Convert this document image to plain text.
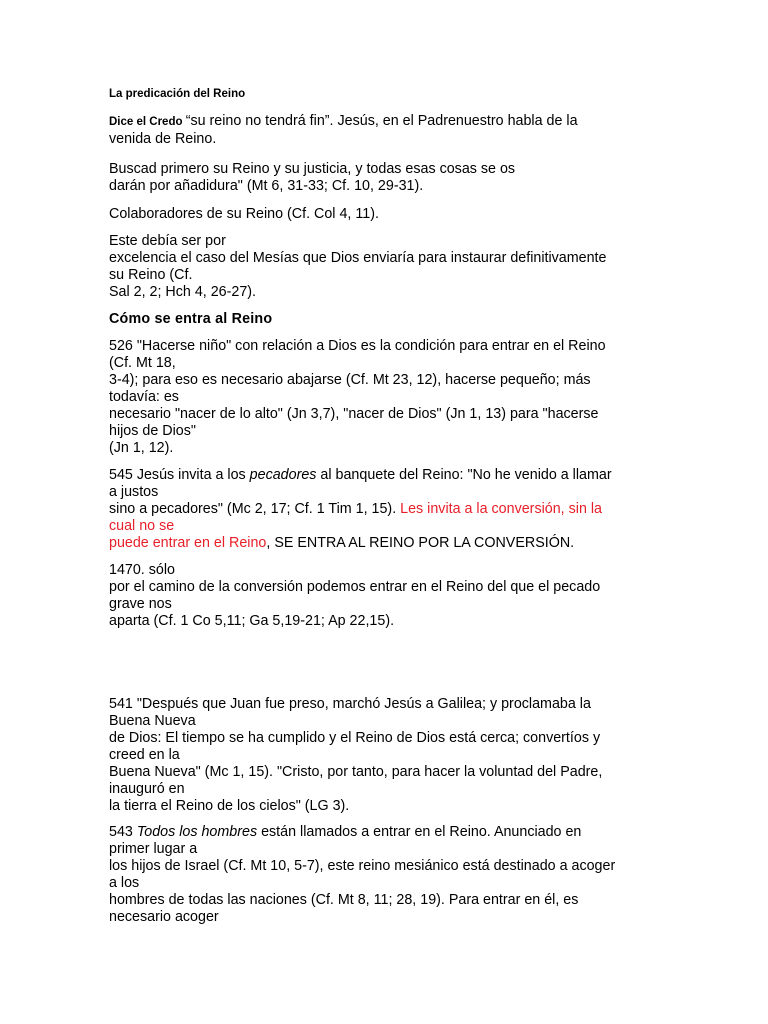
La predicación del Reino
Dice el Credo “su reino no tendrá fin”. Jesús, en el Padrenuestro habla de la
venida de Reino.
Buscad primero su Reino y su justicia, y todas esas cosas se os
darán por añadidura" (Mt 6, 31-33; Cf. 10, 29-31).
Colaboradores de su Reino (Cf. Col 4, 11).
Este debía ser por
excelencia el caso del Mesías que Dios enviaría para instaurar definitivamente
su Reino (Cf.
Sal 2, 2; Hch 4, 26-27).
Cómo se entra al Reino
526 "Hacerse niño" con relación a Dios es la condición para entrar en el Reino
(Cf. Mt 18,
3-4); para eso es necesario abajarse (Cf. Mt 23, 12), hacerse pequeño; más
todavía: es
necesario "nacer de lo alto" (Jn 3,7), "nacer de Dios" (Jn 1, 13) para "hacerse
hijos de Dios"
(Jn 1, 12).
545 Jesús invita a los pecadores al banquete del Reino: "No he venido a llamar
a justos
sino a pecadores" (Mc 2, 17; Cf. 1 Tim 1, 15). Les invita a la conversión, sin la
cual no se
puede entrar en el Reino, SE ENTRA AL REINO POR LA CONVERSIÓN.
1470. sólo
por el camino de la conversión podemos entrar en el Reino del que el pecado
grave nos
aparta (Cf. 1 Co 5,11; Ga 5,19-21; Ap 22,15).
541 "Después que Juan fue preso, marchó Jesús a Galilea; y proclamaba la
Buena Nueva
de Dios: El tiempo se ha cumplido y el Reino de Dios está cerca; convertíos y
creed en la
Buena Nueva" (Mc 1, 15). "Cristo, por tanto, para hacer la voluntad del Padre,
inauguró en
la tierra el Reino de los cielos" (LG 3).
543 Todos los hombres están llamados a entrar en el Reino. Anunciado en
primer lugar a
los hijos de Israel (Cf. Mt 10, 5-7), este reino mesiánico está destinado a acoger
a los
hombres de todas las naciones (Cf. Mt 8, 11; 28, 19). Para entrar en él, es
necesario acoger
